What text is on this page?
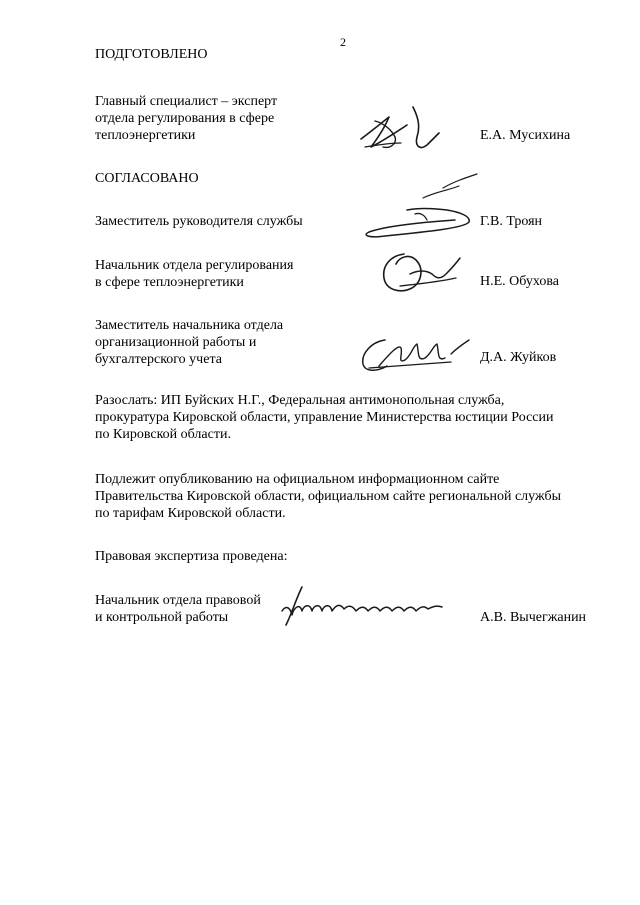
2
ПОДГОТОВЛЕНО
Главный специалист – эксперт
отдела регулирования в сфере
теплоэнергетики	Е.А. Мусихина
СОГЛАСОВАНО
Заместитель руководителя службы	Г.В. Троян
Начальник отдела регулирования
в сфере теплоэнергетики	Н.Е. Обухова
Заместитель начальника отдела
организационной работы и
бухгалтерского учета	Д.А. Жуйков
Разослать: ИП Буйских Н.Г., Федеральная антимонопольная служба,
прокуратура Кировской области, управление Министерства юстиции России
по Кировской области.
Подлежит опубликованию на официальном информационном сайте
Правительства Кировской области, официальном сайте региональной службы
по тарифам Кировской области.
Правовая экспертиза проведена:
Начальник отдела правовой
и контрольной работы	А.В. Вычегжанин
